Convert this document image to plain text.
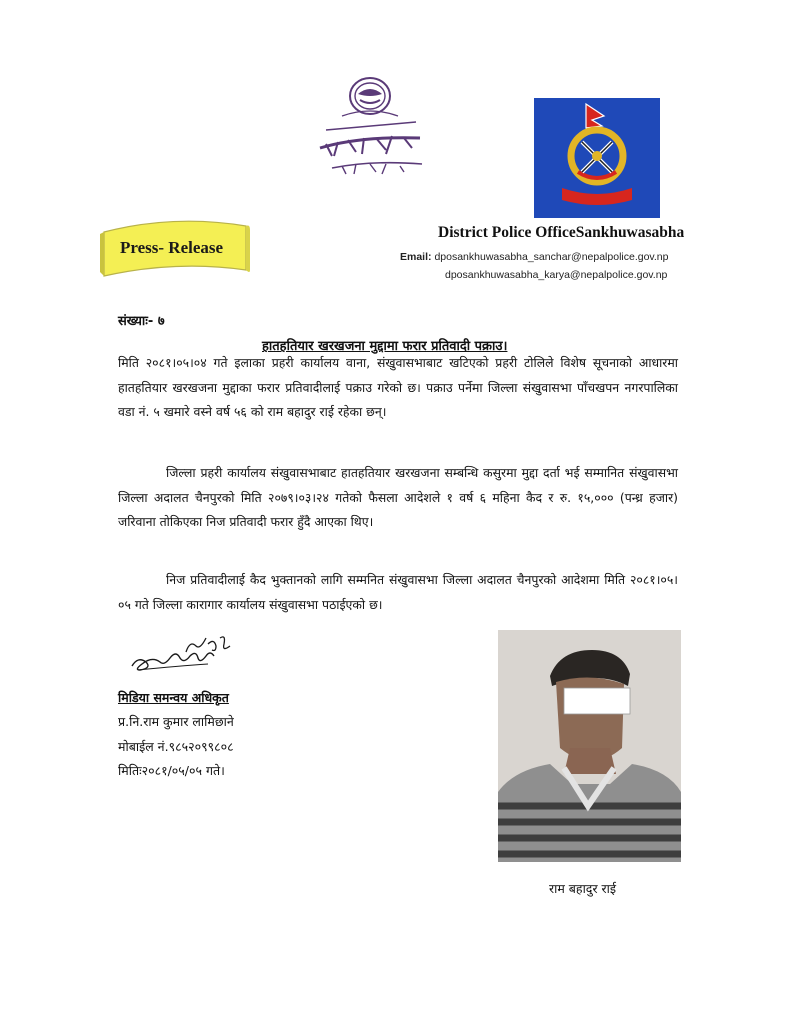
Press- Release
District Police OfficeSankhuwasabha
Email: dposankhuwasabha_sanchar@nepalpolice.gov.np
dposankhuwasabha_karya@nepalpolice.gov.np
संख्याः- ७
हातहतियार खरखजना मुद्दामा फरार प्रतिवादी पक्राउ।
मिति २०८१।०५।०४ गते इलाका प्रहरी कार्यालय वाना, संखुवासभाबाट खटिएको प्रहरी टोलिले विशेष सूचनाको आधारमा हातहतियार खरखजना मुद्दाका फरार प्रतिवादीलाई पक्राउ गरेको छ। पक्राउ पर्नेमा जिल्ला संखुवासभा पाँचखपन नगरपालिका वडा नं. ५ खमारे वस्ने वर्ष ५६ को राम बहादुर राई रहेका छन्।
जिल्ला प्रहरी कार्यालय संखुवासभाबाट हातहतियार खरखजना सम्बन्धि कसुरमा मुद्दा दर्ता भई सम्मानित संखुवासभा जिल्ला अदालत चैनपुरको मिति २०७९।०३।२४ गतेको फैसला आदेशले १ वर्ष ६ महिना कैद र रु. १५,००० (पन्ध्र हजार) जरिवाना तोकिएका निज प्रतिवादी फरार हुँदै आएका थिए।
निज प्रतिवादीलाई कैद भुक्तानको लागि सम्मनित संखुवासभा जिल्ला अदालत चैनपुरको आदेशमा मिति २०८१।०५।०५ गते जिल्ला कारागार कार्यालय संखुवासभा पठाईएको छ।
मिडिया समन्वय अधिकृत
प्र.नि.राम कुमार लामिछाने
मोबाईल नं.९८५२०९९८०८
मितिः२०८१/०५/०५ गते।
राम बहादुर राई
